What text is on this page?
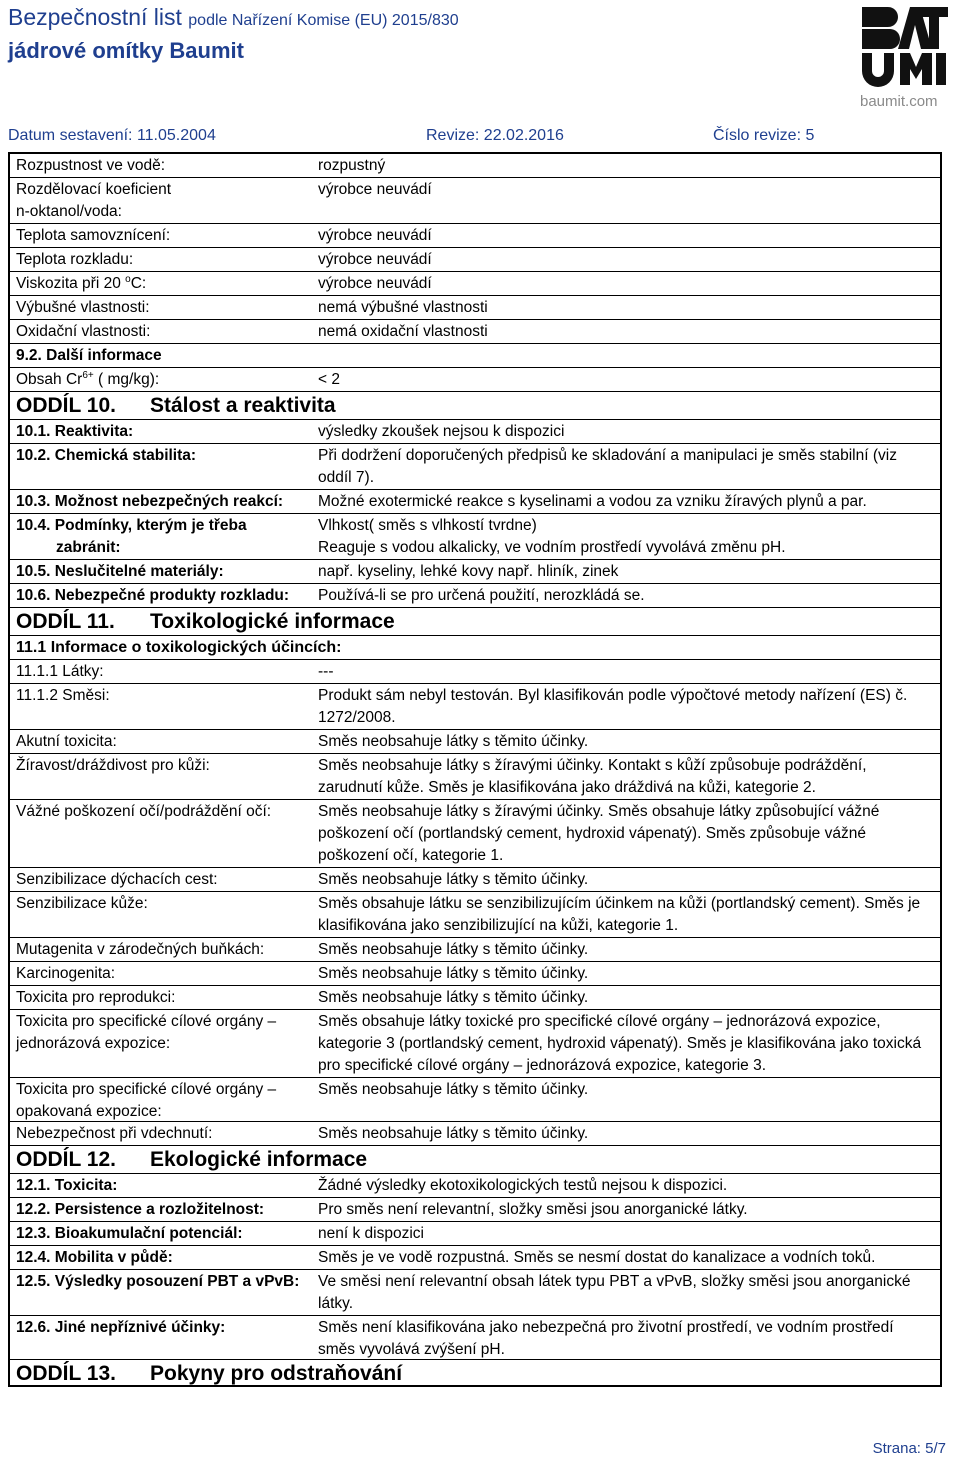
Bezpečnostní list podle Nařízení Komise (EU) 2015/830
jádrové omítky Baumit
baumit.com
Datum sestavení: 11.05.2004	Revize: 22.02.2016	Číslo revize: 5
Rozpustnost ve vodě:	rozpustný
Rozdělovací koeficient n-oktanol/voda:
výrobce neuvádí
Teplota samovznícení:	výrobce neuvádí
Teplota rozkladu:	výrobce neuvádí
Viskozita při 20 $^o$C:	výrobce neuvádí
Výbušné vlastnosti:	nemá výbušné vlastnosti
Oxidační vlastnosti:	nemá oxidační vlastnosti
9.2. Další informace
Obsah $Cr^{6+}$ ( mg/kg):	< 2
ODDÍL 10. Stálost a reaktivita
10.1. Reaktivita:	výsledky zkoušek nejsou k dispozici
10.2. Chemická stabilita:	Při dodržení doporučených předpisů ke skladování a manipulaci je směs stabilní (viz oddíl 7).
10.3. Možnost nebezpečných reakcí:	Možné exotermické reakce s kyselinami a vodou za vzniku žíravých plynů a par.
10.4. Podmínky, kterým je třeba
zabránit:
Vlhkost( směs s vlhkostí tvrdne)
Reaguje s vodou alkalicky, ve vodním prostředí vyvolává změnu pH.
10.5. Neslučitelné materiály:	např. kyseliny, lehké kovy např. hliník, zinek
10.6. Nebezpečné produkty rozkladu:	Používá-li se pro určená použití, nerozkládá se.
ODDÍL 11. Toxikologické informace
11.1 Informace o toxikologických účincích:
11.1.1 Látky:	---
11.1.2 Směsi:	Produkt sám nebyl testován. Byl klasifikován podle výpočtové metody nařízení (ES) č. 1272/2008.
Akutní toxicita:	Směs neobsahuje látky s těmito účinky.
Žíravost/dráždivost pro kůži:	Směs neobsahuje látky s žíravými účinky. Kontakt s kůží způsobuje podráždění, zarudnutí kůže. Směs je klasifikována jako dráždivá na kůži, kategorie 2.
Vážné poškození očí/podráždění očí:	Směs neobsahuje látky s žíravými účinky. Směs obsahuje látky způsobující vážné poškození očí (portlandský cement, hydroxid vápenatý). Směs způsobuje vážné poškození očí, kategorie 1.
Senzibilizace dýchacích cest:	Směs neobsahuje látky s těmito účinky.
Senzibilizace kůže:	Směs obsahuje látku se senzibilizujícím účinkem na kůži (portlandský cement). Směs je klasifikována jako senzibilizující na kůži, kategorie 1.
Mutagenita v zárodečných buňkách:	Směs neobsahuje látky s těmito účinky.
Karcinogenita:	Směs neobsahuje látky s těmito účinky.
Toxicita pro reprodukci:	Směs neobsahuje látky s těmito účinky.
Toxicita pro specifické cílové orgány – jednorázová expozice:
Směs obsahuje látky toxické pro specifické cílové orgány – jednorázová expozice, kategorie 3 (portlandský cement, hydroxid vápenatý). Směs je klasifikována jako toxická pro specifické cílové orgány – jednorázová expozice, kategorie 3.
Toxicita pro specifické cílové orgány – opakovaná expozice:
Směs neobsahuje látky s těmito účinky.
Nebezpečnost při vdechnutí:	Směs neobsahuje látky s těmito účinky.
ODDÍL 12. Ekologické informace
12.1. Toxicita:	Žádné výsledky ekotoxikologických testů nejsou k dispozici.
12.2. Persistence a rozložitelnost:	Pro směs není relevantní, složky směsi jsou anorganické látky.
12.3. Bioakumulační potenciál:	není k dispozici
12.4. Mobilita v půdě:	Směs je ve vodě rozpustná. Směs se nesmí dostat do kanalizace a vodních toků.
12.5. Výsledky posouzení PBT a vPvB:	Ve směsi není relevantní obsah látek typu PBT a vPvB, složky směsi jsou anorganické látky.
12.6. Jiné nepříznivé účinky:	Směs není klasifikována jako nebezpečná pro životní prostředí, ve vodním prostředí směs vyvolává zvýšení pH.
ODDÍL 13. Pokyny pro odstraňování
Strana: 5/7
